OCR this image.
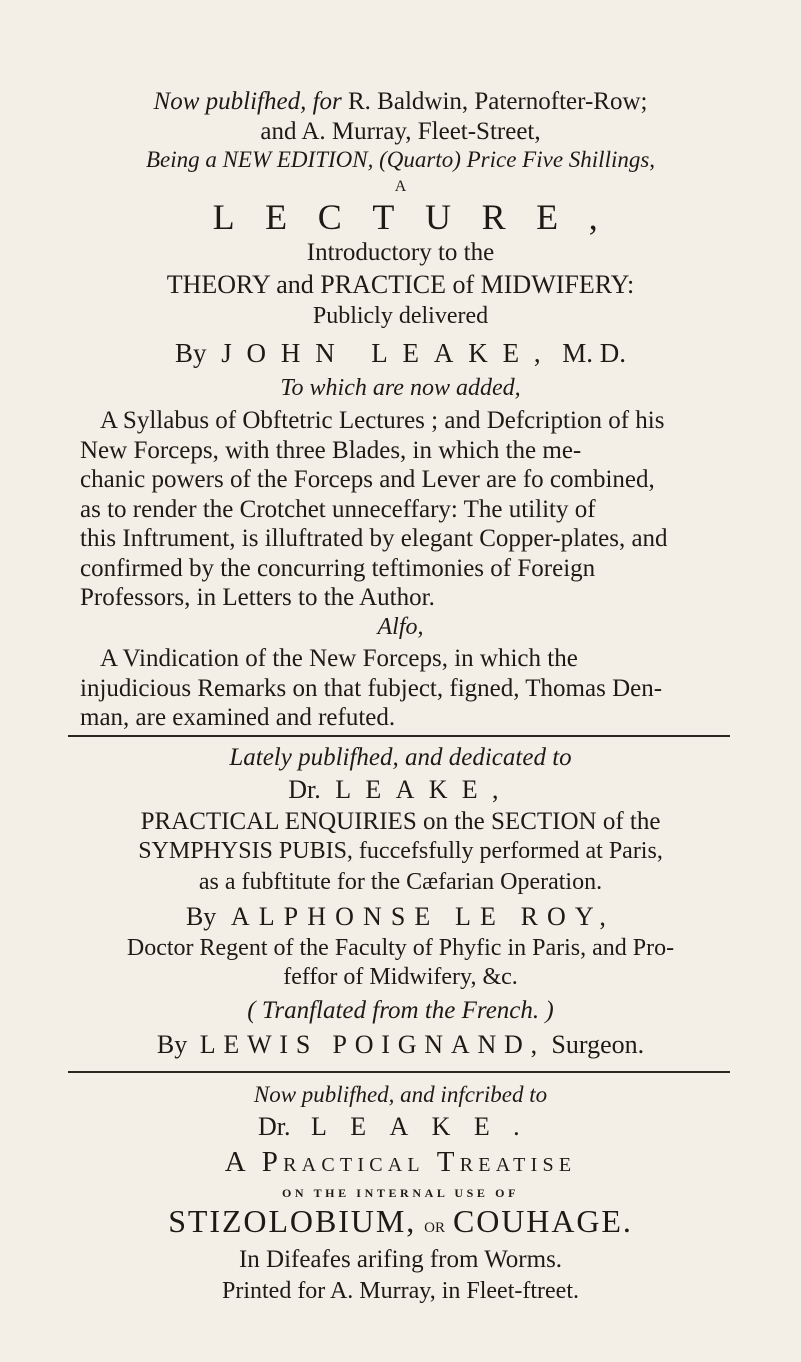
Now publifhed, for R. Baldwin, Paternofter-Row;
and A. Murray, Fleet-Street,
Being a NEW EDITION, (Quarto) Price Five Shillings,
A
LECTURE,
Introductory to the
THEORY and PRACTICE of MIDWIFERY:
Publicly delivered
By JOHN LEAKE, M. D.
To which are now added,
A Syllabus of Obftetric Lectures ; and Defcription of his
New Forceps, with three Blades, in which the me-
chanic powers of the Forceps and Lever are fo combined,
as to render the Crotchet unneceffary: The utility of
this Inftrument, is illuftrated by elegant Copper-plates, and
confirmed by the concurring teftimonies of Foreign
Professors, in Letters to the Author.
Alfo,
A Vindication of the New Forceps, in which the
injudicious Remarks on that fubject, figned, Thomas Den-
man, are examined and refuted.
Lately publifhed, and dedicated to
Dr. LEAKE,
PRACTICAL ENQUIRIES on the SECTION of the
SYMPHYSIS PUBIS, fuccefsfully performed at Paris,
as a fubftitute for the Cæfarian Operation.
By ALPHONSE LE ROY,
Doctor Regent of the Faculty of Phyfic in Paris, and Pro-
feffor of Midwifery, &c.
( Tranflated from the French. )
By LEWIS POIGNAND, Surgeon.
Now publifhed, and infcribed to
Dr. LEAKE.
A Practical Treatise
ON THE INTERNAL USE OF
STIZOLOBIUM, or COUHAGE.
In Difeafes arifing from Worms.
Printed for A. Murray, in Fleet-ftreet.
